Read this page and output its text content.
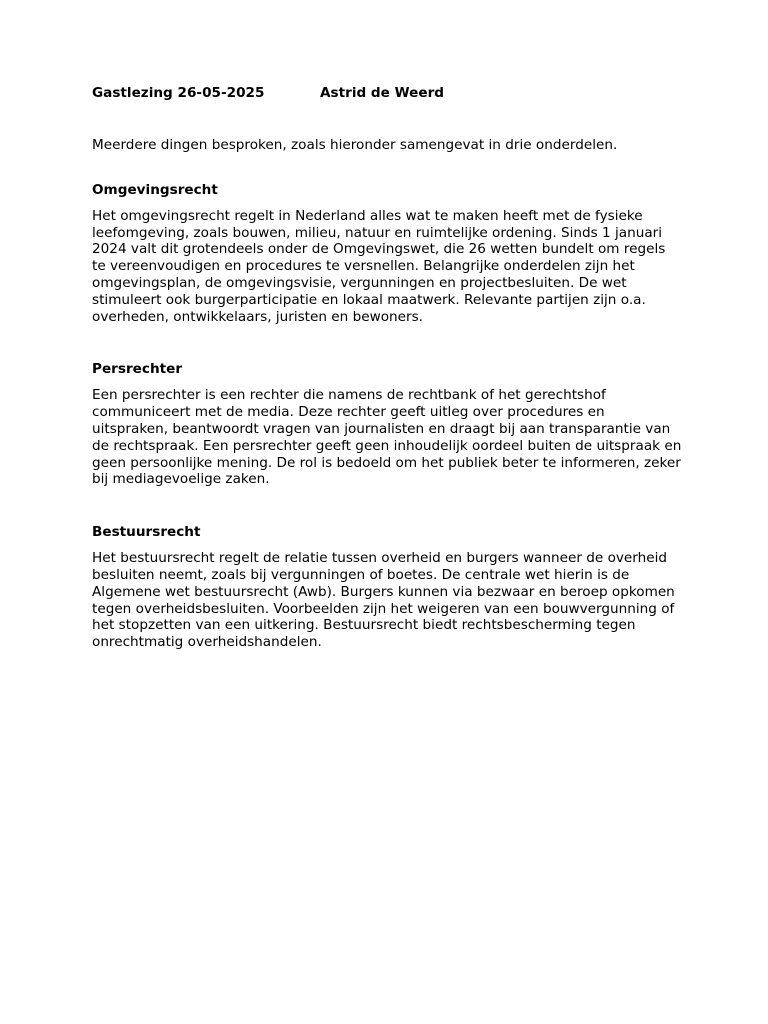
Gastlezing 26-05-2025	Astrid de Weerd

Meerdere dingen besproken, zoals hieronder samengevat in drie onderdelen.

Omgevingsrecht
Het omgevingsrecht regelt in Nederland alles wat te maken heeft met de fysieke leefomgeving, zoals bouwen, milieu, natuur en ruimtelijke ordening. Sinds 1 januari 2024 valt dit grotendeels onder de Omgevingswet, die 26 wetten bundelt om regels te vereenvoudigen en procedures te versnellen. Belangrijke onderdelen zijn het omgevingsplan, de omgevingsvisie, vergunningen en projectbesluiten. De wet stimuleert ook burgerparticipatie en lokaal maatwerk. Relevante partijen zijn o.a. overheden, ontwikkelaars, juristen en bewoners.
Persrechter
Een persrechter is een rechter die namens de rechtbank of het gerechtshof communiceert met de media. Deze rechter geeft uitleg over procedures en uitspraken, beantwoordt vragen van journalisten en draagt bij aan transparantie van de rechtspraak. Een persrechter geeft geen inhoudelijk oordeel buiten de uitspraak en geen persoonlijke mening. De rol is bedoeld om het publiek beter te informeren, zeker bij mediagevoelige zaken.
Bestuursrecht
Het bestuursrecht regelt de relatie tussen overheid en burgers wanneer de overheid besluiten neemt, zoals bij vergunningen of boetes. De centrale wet hierin is de Algemene wet bestuursrecht (Awb). Burgers kunnen via bezwaar en beroep opkomen tegen overheidsbesluiten. Voorbeelden zijn het weigeren van een bouwvergunning of het stopzetten van een uitkering. Bestuursrecht biedt rechtsbescherming tegen onrechtmatig overheidshandelen.
